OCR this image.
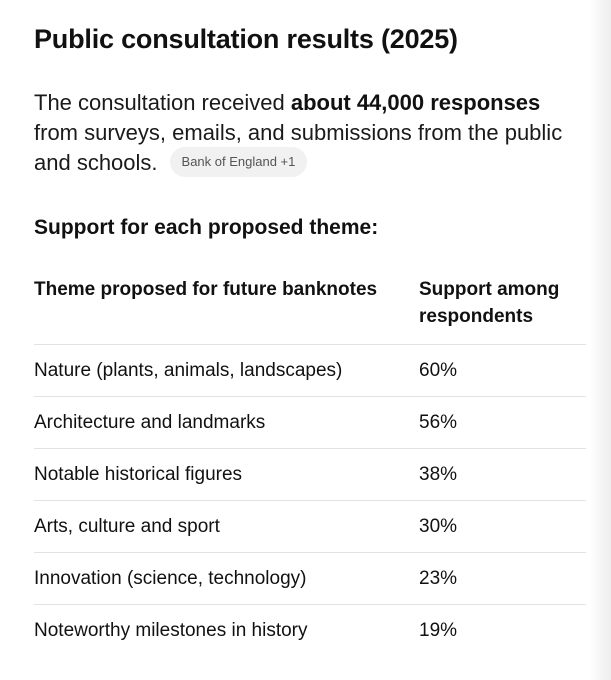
Public consultation results (2025)
The consultation received about 44,000 responses from surveys, emails, and submissions from the public and schools. Bank of England +1
Support for each proposed theme:
Theme proposed for future banknotes	Support among respondents
Nature (plants, animals, landscapes)	60%
Architecture and landmarks	56%
Notable historical figures	38%
Arts, culture and sport	30%
Innovation (science, technology)	23%
Noteworthy milestones in history	19%
